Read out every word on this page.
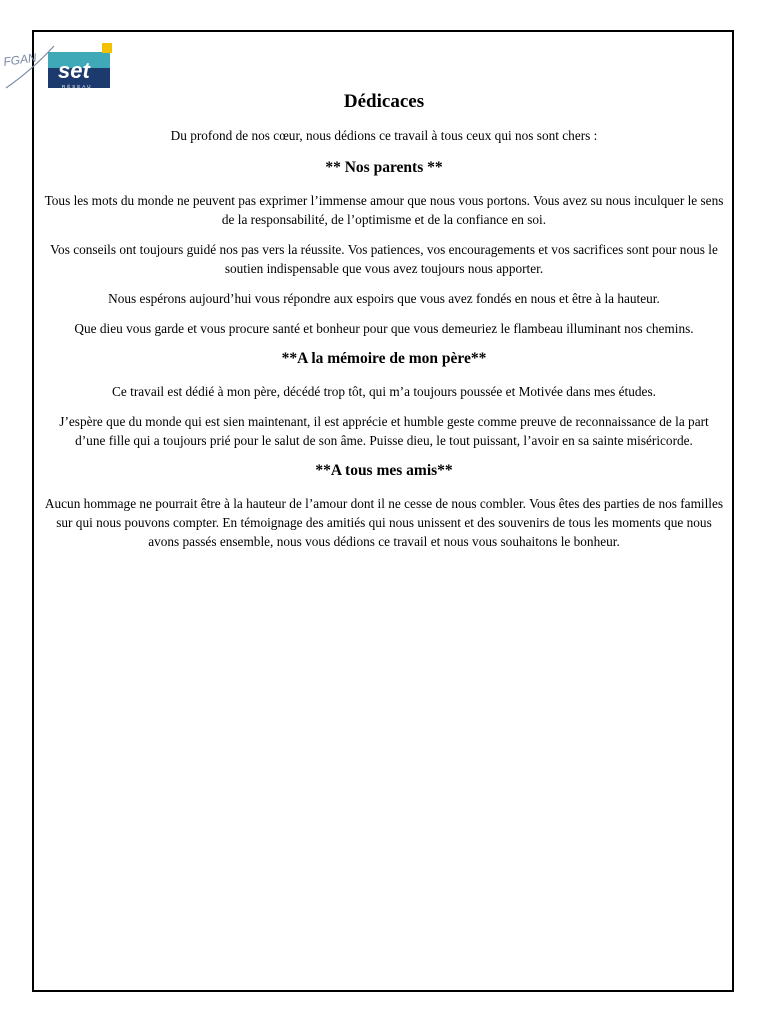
set
RÉSEAU
FGAN
Dédicaces

Du profond de nos cœur, nous dédions ce travail à tous ceux qui nos sont chers :

** Nos parents **

Tous les mots du monde ne peuvent pas exprimer l’immense amour que nous vous portons. Vous avez su nous inculquer le sens de la responsabilité, de l’optimisme et de la confiance en soi.

Vos conseils ont toujours guidé nos pas vers la réussite. Vos patiences, vos encouragements et vos sacrifices sont pour nous le soutien indispensable que vous avez toujours nous apporter.

Nous espérons aujourd’hui vous répondre aux espoirs que vous avez fondés en nous et être à la hauteur.

Que dieu vous garde et vous procure santé et bonheur pour que vous demeuriez le flambeau illuminant nos chemins.

**A la mémoire de mon père**

Ce travail est dédié à mon père, décédé trop tôt, qui m’a toujours poussée et Motivée dans mes études.

J’espère que du monde qui est sien maintenant, il est apprécie et humble geste comme preuve de reconnaissance de la part d’une fille qui a toujours prié pour le salut de son âme. Puisse dieu, le tout puissant, l’avoir en sa sainte miséricorde.

**A tous mes amis**

Aucun hommage ne pourrait être à la hauteur de l’amour dont il ne cesse de nous combler. Vous êtes des parties de nos familles sur qui nous pouvons compter. En témoignage des amitiés qui nous unissent et des souvenirs de tous les moments que nous avons passés ensemble, nous vous dédions ce travail et nous vous souhaitons le bonheur.
